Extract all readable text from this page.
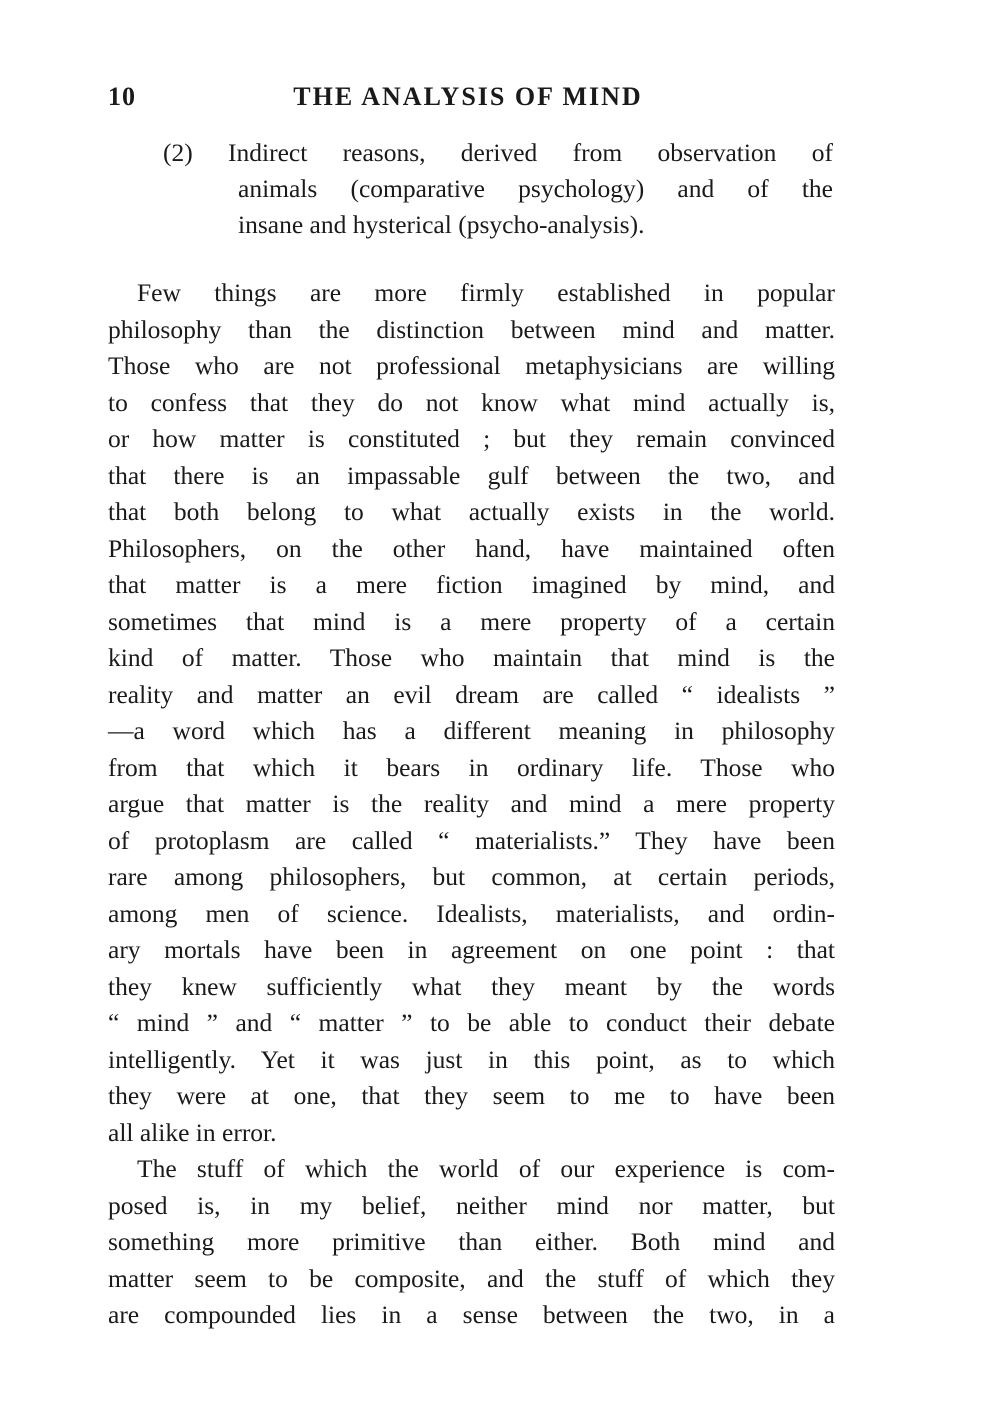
10	THE ANALYSIS OF MIND
(2) Indirect reasons, derived from observation of
animals (comparative psychology) and of the
insane and hysterical (psycho-analysis).
Few things are more firmly established in popular
philosophy than the distinction between mind and matter.
Those who are not professional metaphysicians are willing
to confess that they do not know what mind actually is,
or how matter is constituted ; but they remain convinced
that there is an impassable gulf between the two, and
that both belong to what actually exists in the world.
Philosophers, on the other hand, have maintained often
that matter is a mere fiction imagined by mind, and
sometimes that mind is a mere property of a certain
kind of matter. Those who maintain that mind is the
reality and matter an evil dream are called “ idealists ”
—a word which has a different meaning in philosophy
from that which it bears in ordinary life. Those who
argue that matter is the reality and mind a mere property
of protoplasm are called “ materialists.” They have been
rare among philosophers, but common, at certain periods,
among men of science. Idealists, materialists, and ordin-
ary mortals have been in agreement on one point : that
they knew sufficiently what they meant by the words
“ mind ” and “ matter ” to be able to conduct their debate
intelligently. Yet it was just in this point, as to which
they were at one, that they seem to me to have been
all alike in error.
The stuff of which the world of our experience is com-
posed is, in my belief, neither mind nor matter, but
something more primitive than either. Both mind and
matter seem to be composite, and the stuff of which they
are compounded lies in a sense between the two, in a
